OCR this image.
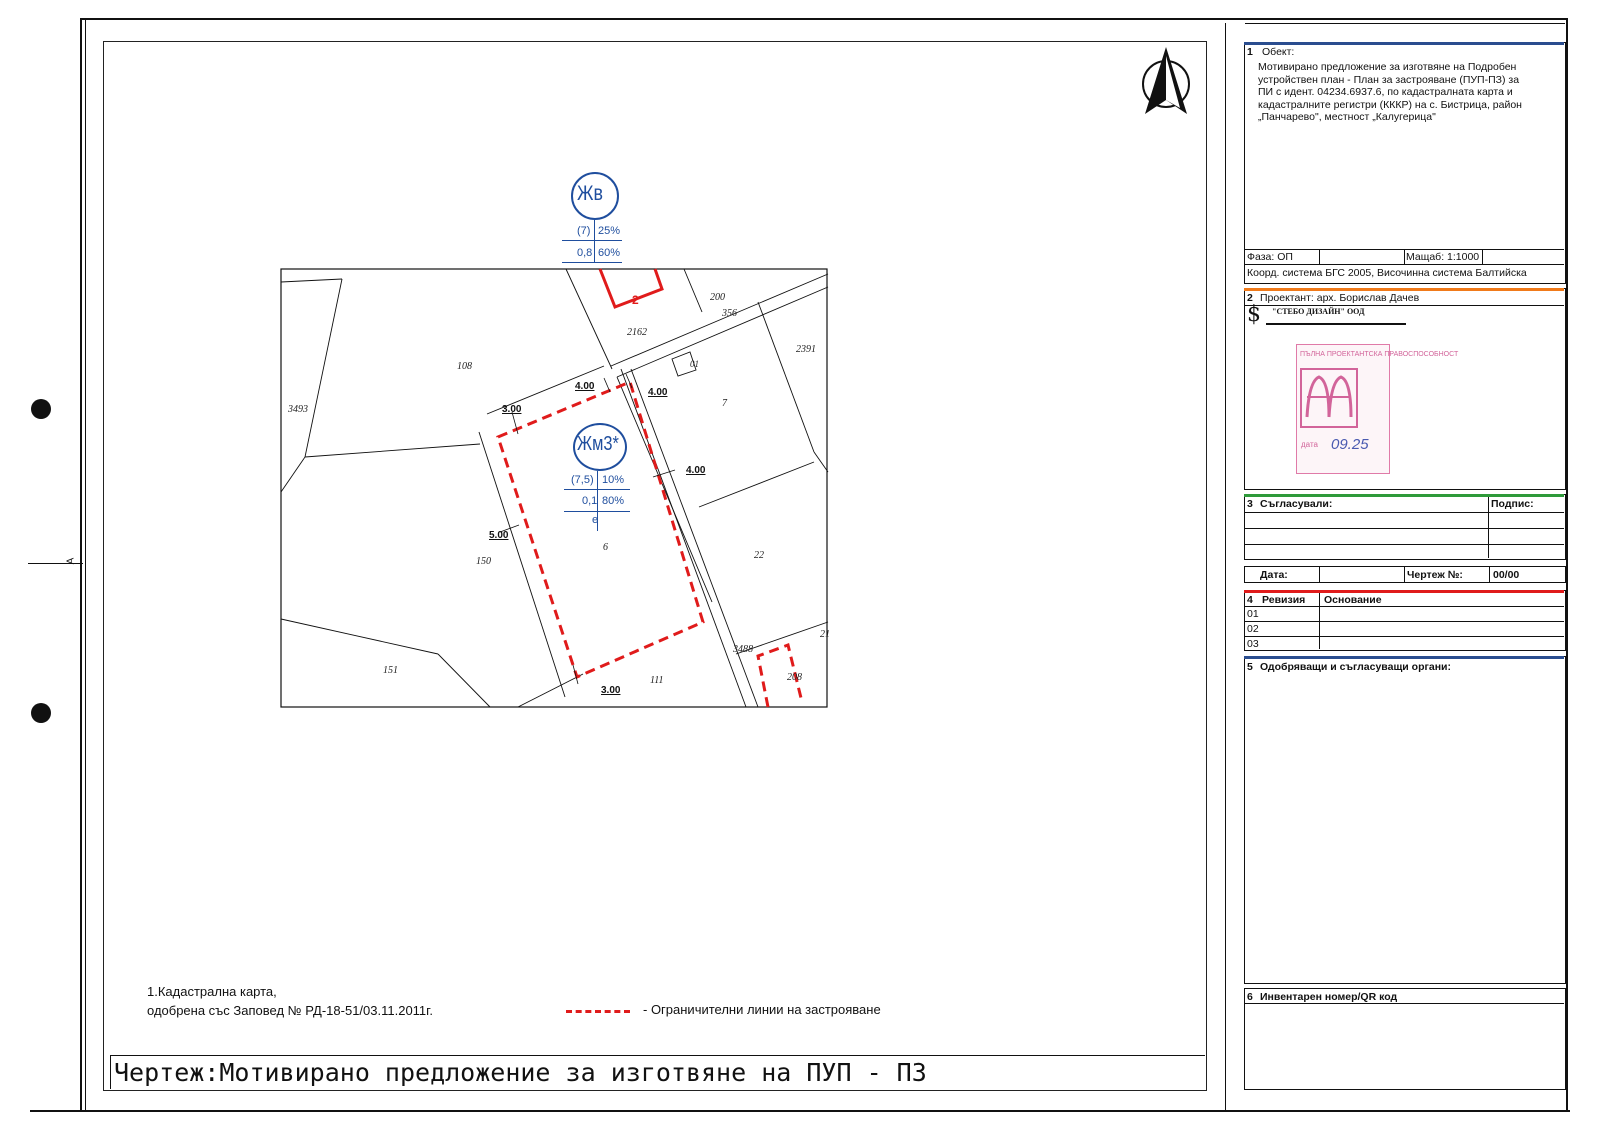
A
Чертеж:Мотивирано предложение за изготвяне на ПУП - ПЗ
200
356
2162
2391
108
3493
7
01
6
150
22
151
111
3488
208
21
2
4.00
4.00
3.00
4.00
5.00
3.00
Жв
(7) 25%
0,8 60%
Жм3*
(7,5) 10%
0,1 80%
е
1.Кадастрална карта,
одобрена със Заповед № РД-18-51/03.11.2011г.	- Ограничителни линии на застрояване
1 Обект:
Мотивирано предложение за изготвяне на Подробен
устройствен план - План за застрояване (ПУП-ПЗ) за
ПИ с идент. 04234.6937.6, по кадастралната карта и
кадастралните регистри (КККР) на с. Бистрица, район
„Панчарево", местност „Калугерица"
Фаза: ОП	Мащаб: 1:1000
Коорд. система БГС 2005, Височинна система Балтийска
2 Проектант: арх. Борислав Дачев
$ "СТЕБО ДИЗАЙН" ООД
ПЪЛНА ПРОЕКТАНТСКА ПРАВОСПОСОБНОСТ
дата 09.25
3 Съгласували:	Подпис:
Дата:	Чертеж №:	00/00
4 Ревизия Основание
01
02
03
5 Одобряващи и съгласуващи органи:
6 Инвентарен номер/QR код
